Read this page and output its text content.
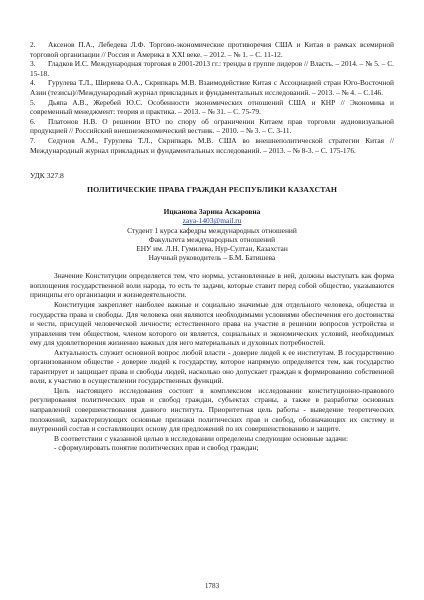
2. Аксенов П.А., Лебедева Л.Ф. Торгово-экономические противоречия США и Китая в рамках всемирной торговой организации // Россия и Америка в XXI веке. – 2012. – № 1. – С. 11-12.

3. Гладков И.С. Международная торговая в 2001-2013 гг.: тренды в группе лидеров // Власть. – 2014. – № 5. – С. 15-18.

4. Гурулева Т.Л., Ширяева О.А., Скрипкарь М.В. Взаимодействие Китая с Ассоциацией стран Юго-Восточной Азии (тезисы)//Международный журнал прикладных и фундаментальных исследований. – 2013. – № 4. – С.146.

5. Дьяпа А.В., Жеребей Ю.С. Особенности экономических отношений США и КНР // Экономика и современный менеджмент: теория и практика. – 2013. – № 31. – С. 75-79.

6. Платонов Н.В. О решении ВТО по спору об ограничении Китаем прав торговли аудиовизуальной продукцией // Российский внешнеэкономический вестник. – 2010. – № 3. – С. 3-11.

7. Седунов А.М., Гурулева Т.Л., Скрипкарь М.В. США во внешнеполитической стратегии Китая // Международный журнал прикладных и фундаментальных исследований. – 2013. – № 8-3. – С. 175-176.

УДК 327.8
ПОЛИТИЧЕСКИЕ ПРАВА ГРАЖДАН РЕСПУБЛИКИ КАЗАХСТАН
Ицканова Зарина Аскаровна
zaya-1403@mail.ru
Студент 1 курса кафедры международных отношений
Факультета международных отношений
ЕНУ им. Л.Н. Гумилева, Нур-Султан, Казахстан
Научный руководитель – Б.М. Батишева

Значение Конституции определяется тем, что нормы, установленные в ней, должны выступать как форма воплощения государственной воли народа, то есть те задачи, которые ставит перед собой общество, указываются принципы его организации и жизнедеятельности.

Конституция закрепляет наиболее важные и социально значимые для отдельного человека, общества и государства права и свободы. Для человека они являются необходимыми условиями обеспечения его достоинства и чести, присущей человеческой личности; естественного права на участие в решении вопросов устройства и управления тем обществом, членом которого он является, социальных и экономических условий, необходимых ему для удовлетворения жизненно важных для него материальных и духовных потребностей.

Актуальность служит основной вопрос любой власти - доверие людей к ее институтам. В государственно организованном обществе - доверие людей к государству, которое напрямую определяется тем, как государство гарантирует и защищает права и свободы людей, насколько оно допускает граждан к формированию собственной воли, к участию в осуществлении государственных функций.

Цель настоящего исследования состоит в комплексном исследовании конституционно-правового регулирования политических прав и свобод граждан, субъектах страны, а также в разработке основных направлений совершенствования данного института. Приоритетная цель работы - выведение теоретических положений, характеризующих основные признаки политических прав и свобод, обозначающих их систему и внутренний состав и составляющих основу для предложений по их совершенствованию и защите.

В соответствии с указанной целью в исследовании определены следующие основные задачи:

- сформулировать понятие политических прав и свобод граждан;

1783
